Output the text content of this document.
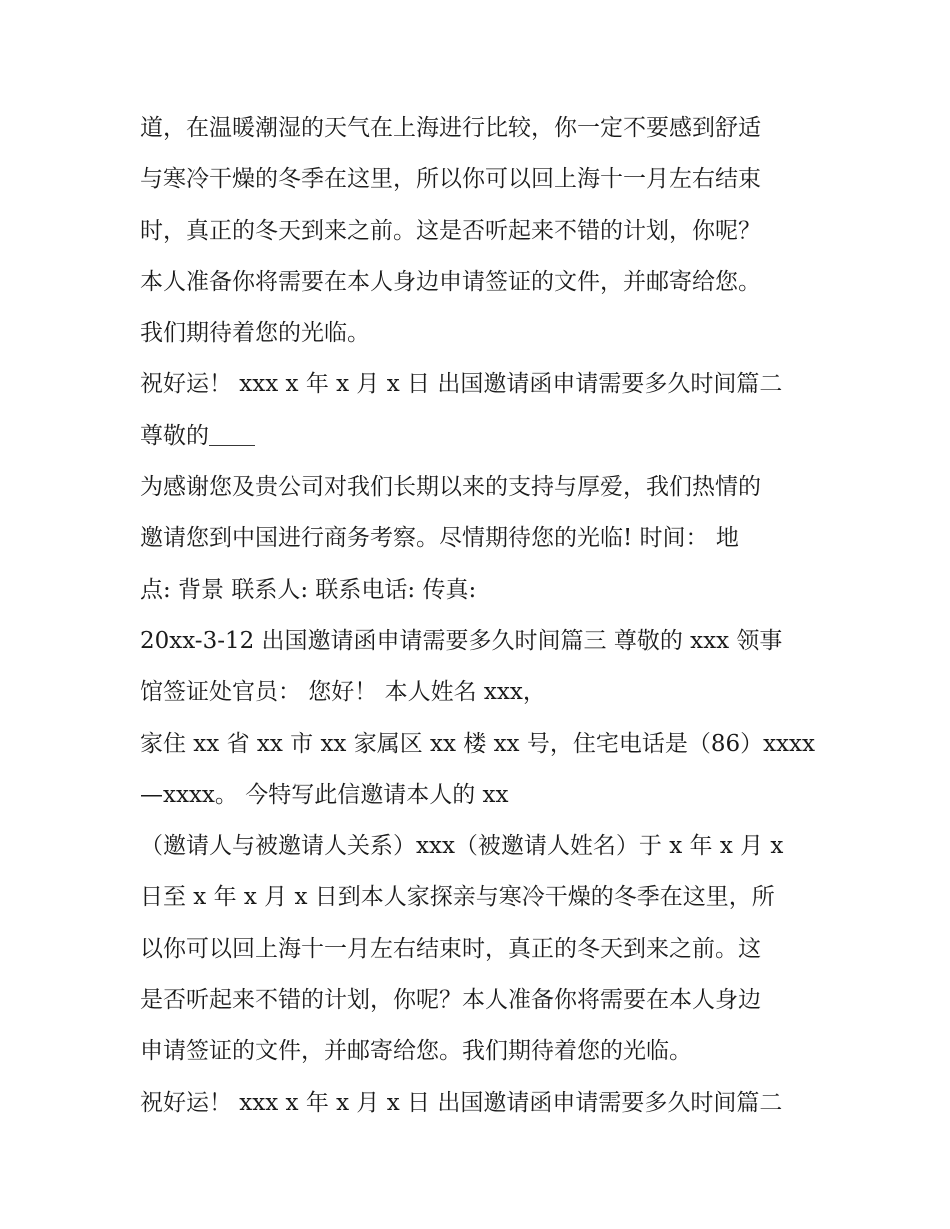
道，在温暖潮湿的天气在上海进行比较，你一定不要感到舒适
与寒冷干燥的冬季在这里，所以你可以回上海十一月左右结束
时，真正的冬天到来之前。这是否听起来不错的计划，你呢？
本人准备你将需要在本人身边申请签证的文件，并邮寄给您。
我们期待着您的光临。
祝好运！ xxx x 年 x 月 x 日 出国邀请函申请需要多久时间篇二
尊敬的＿＿
为感谢您及贵公司对我们长期以来的支持与厚爱，我们热情的
邀请您到中国进行商务考察。尽情期待您的光临! 时间： 地
点: 背景 联系人: 联系电话: 传真:
20xx-3-12 出国邀请函申请需要多久时间篇三 尊敬的 xxx 领事
馆签证处官员： 您好！ 本人姓名 xxx，
家住 xx 省 xx 市 xx 家属区 xx 楼 xx 号，住宅电话是（86）xxxx
—xxxx。 今特写此信邀请本人的 xx
（邀请人与被邀请人关系）xxx（被邀请人姓名）于 x 年 x 月 x
日至 x 年 x 月 x 日到本人家探亲与寒冷干燥的冬季在这里，所
以你可以回上海十一月左右结束时，真正的冬天到来之前。这
是否听起来不错的计划，你呢？本人准备你将需要在本人身边
申请签证的文件，并邮寄给您。我们期待着您的光临。
祝好运！ xxx x 年 x 月 x 日 出国邀请函申请需要多久时间篇二
